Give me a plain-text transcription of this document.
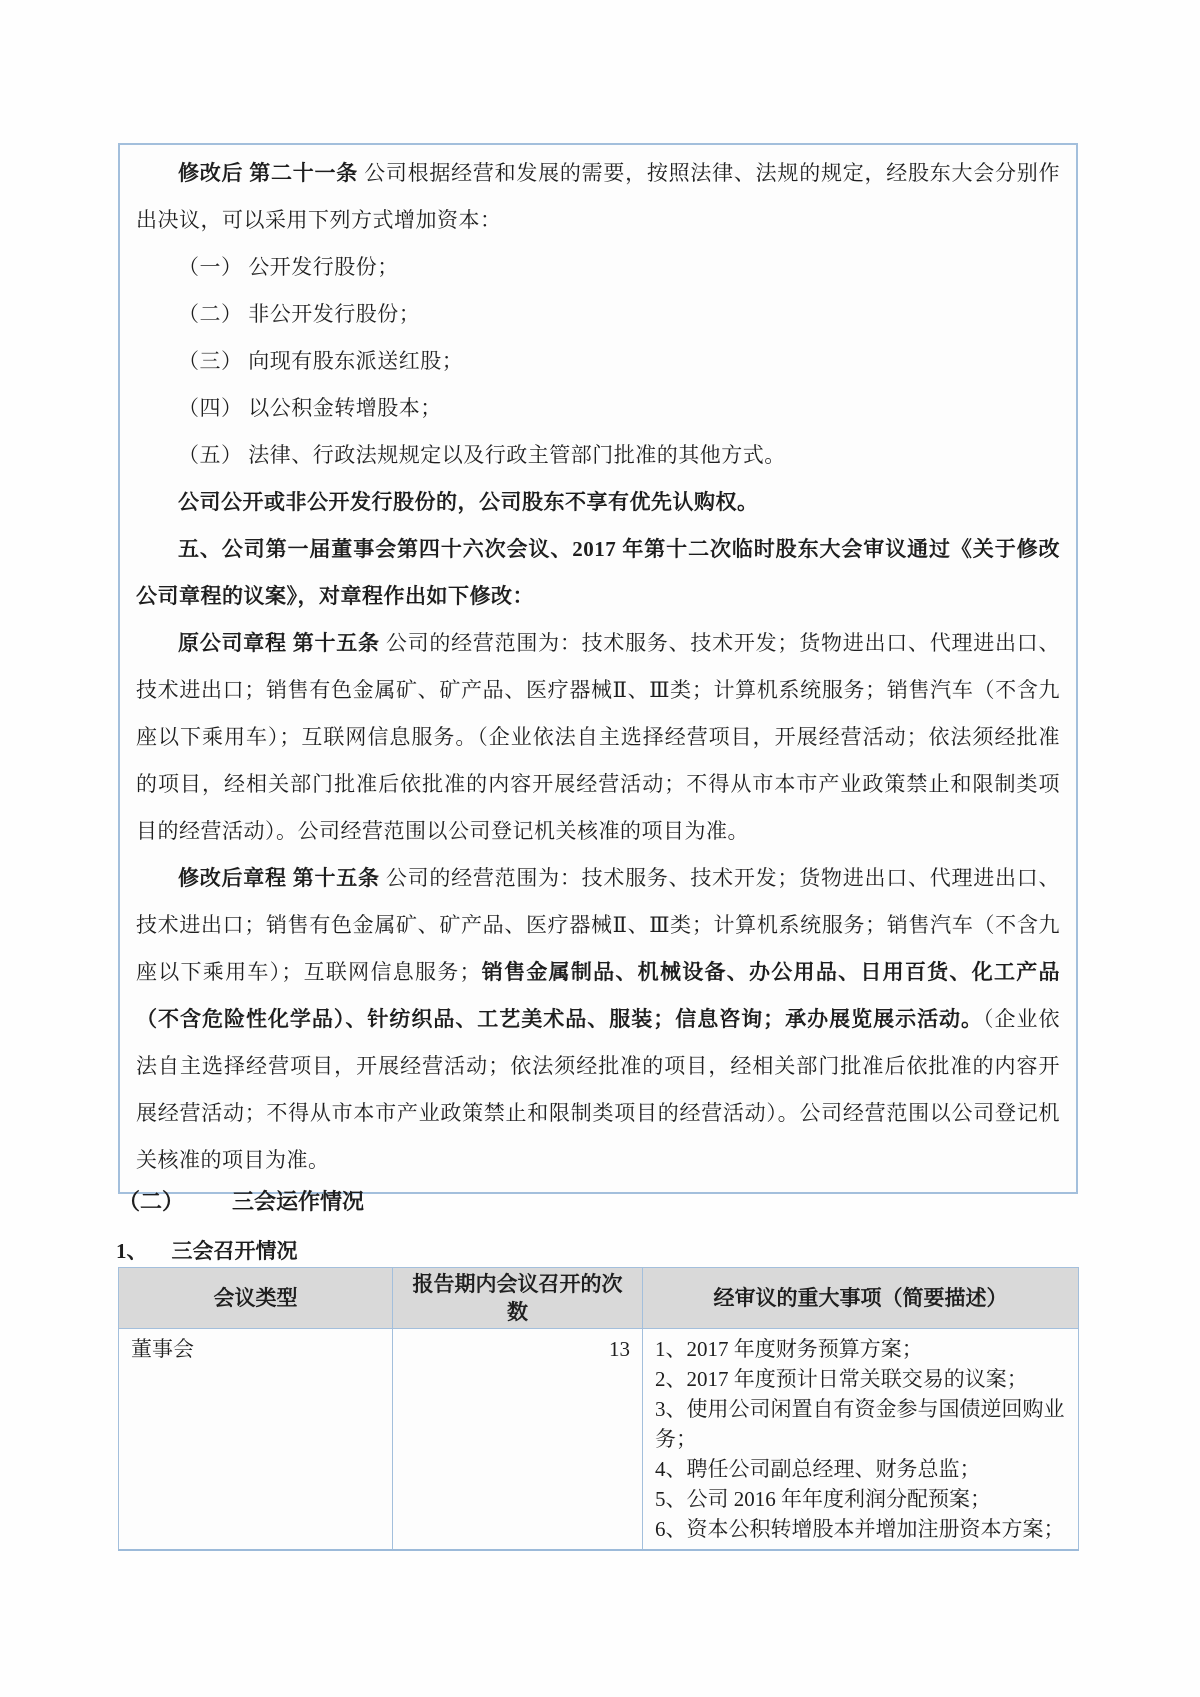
修改后 第二十一条 公司根据经营和发展的需要，按照法律、法规的规定，经股东大会分别作出决议，可以采用下列方式增加资本：

（一） 公开发行股份；

（二） 非公开发行股份；

（三） 向现有股东派送红股；

（四） 以公积金转增股本；

（五） 法律、行政法规规定以及行政主管部门批准的其他方式。

公司公开或非公开发行股份的，公司股东不享有优先认购权。

五、公司第一届董事会第四十六次会议、2017 年第十二次临时股东大会审议通过《关于修改公司章程的议案》，对章程作出如下修改：

原公司章程 第十五条 公司的经营范围为：技术服务、技术开发；货物进出口、代理进出口、技术进出口；销售有色金属矿、矿产品、医疗器械Ⅱ、Ⅲ类；计算机系统服务；销售汽车（不含九座以下乘用车）；互联网信息服务。（企业依法自主选择经营项目，开展经营活动；依法须经批准的项目，经相关部门批准后依批准的内容开展经营活动；不得从市本市产业政策禁止和限制类项目的经营活动）。公司经营范围以公司登记机关核准的项目为准。

修改后章程 第十五条 公司的经营范围为：技术服务、技术开发；货物进出口、代理进出口、技术进出口；销售有色金属矿、矿产品、医疗器械Ⅱ、Ⅲ类；计算机系统服务；销售汽车（不含九座以下乘用车）；互联网信息服务；销售金属制品、机械设备、办公用品、日用百货、化工产品（不含危险性化学品）、针纺织品、工艺美术品、服装；信息咨询；承办展览展示活动。（企业依法自主选择经营项目，开展经营活动；依法须经批准的项目，经相关部门批准后依批准的内容开展经营活动；不得从市本市产业政策禁止和限制类项目的经营活动）。公司经营范围以公司登记机关核准的项目为准。

（二） 三会运作情况
1、 三会召开情况
会议类型	报告期内会议召开的次数	经审议的重大事项（简要描述）
董事会	13	1、2017 年度财务预算方案；
2、2017 年度预计日常关联交易的议案；
3、使用公司闲置自有资金参与国债逆回购业务；
4、聘任公司副总经理、财务总监；
5、公司 2016 年年度利润分配预案；
6、资本公积转增股本并增加注册资本方案；
